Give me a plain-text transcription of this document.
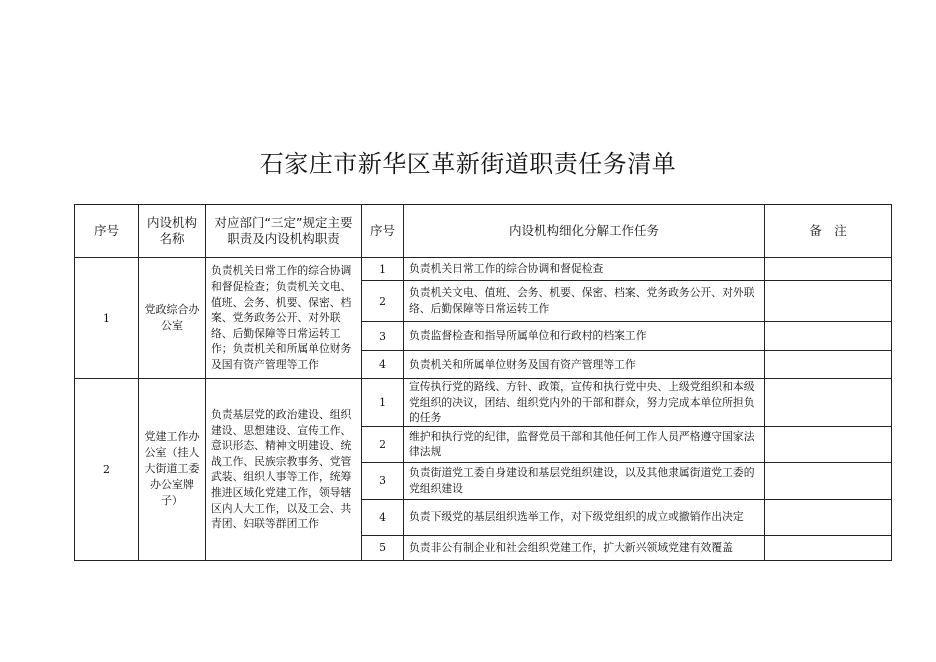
石家庄市新华区革新街道职责任务清单
序号	内设机构名称	对应部门“三定”规定主要职责及内设机构职责	序号	内设机构细化分解工作任务	备　注
1	党政综合办公室	负责机关日常工作的综合协调和督促检查；负责机关文电、值班、会务、机要、保密、档案、党务政务公开、对外联络、后勤保障等日常运转工作；负责机关和所属单位财务及国有资产管理等工作	1	负责机关日常工作的综合协调和督促检查	
			2	负责机关文电、值班、会务、机要、保密、档案、党务政务公开、对外联络、后勤保障等日常运转工作	
			3	负责监督检查和指导所属单位和行政村的档案工作	
			4	负责机关和所属单位财务及国有资产管理等工作	
2	党建工作办公室（挂人大街道工委办公室牌子）	负责基层党的政治建设、组织建设、思想建设、宣传工作、意识形态、精神文明建设、统战工作、民族宗教事务、党管武装、组织人事等工作，统筹推进区域化党建工作，领导辖区内人大工作，以及工会、共青团、妇联等群团工作	1	宣传执行党的路线、方针、政策，宣传和执行党中央、上级党组织和本级党组织的决议，团结、组织党内外的干部和群众，努力完成本单位所担负的任务	
			2	维护和执行党的纪律，监督党员干部和其他任何工作人员严格遵守国家法律法规	
			3	负责街道党工委自身建设和基层党组织建设，以及其他隶属街道党工委的党组织建设	
			4	负责下级党的基层组织选举工作，对下级党组织的成立或撤销作出决定	
			5	负责非公有制企业和社会组织党建工作，扩大新兴领域党建有效覆盖	
